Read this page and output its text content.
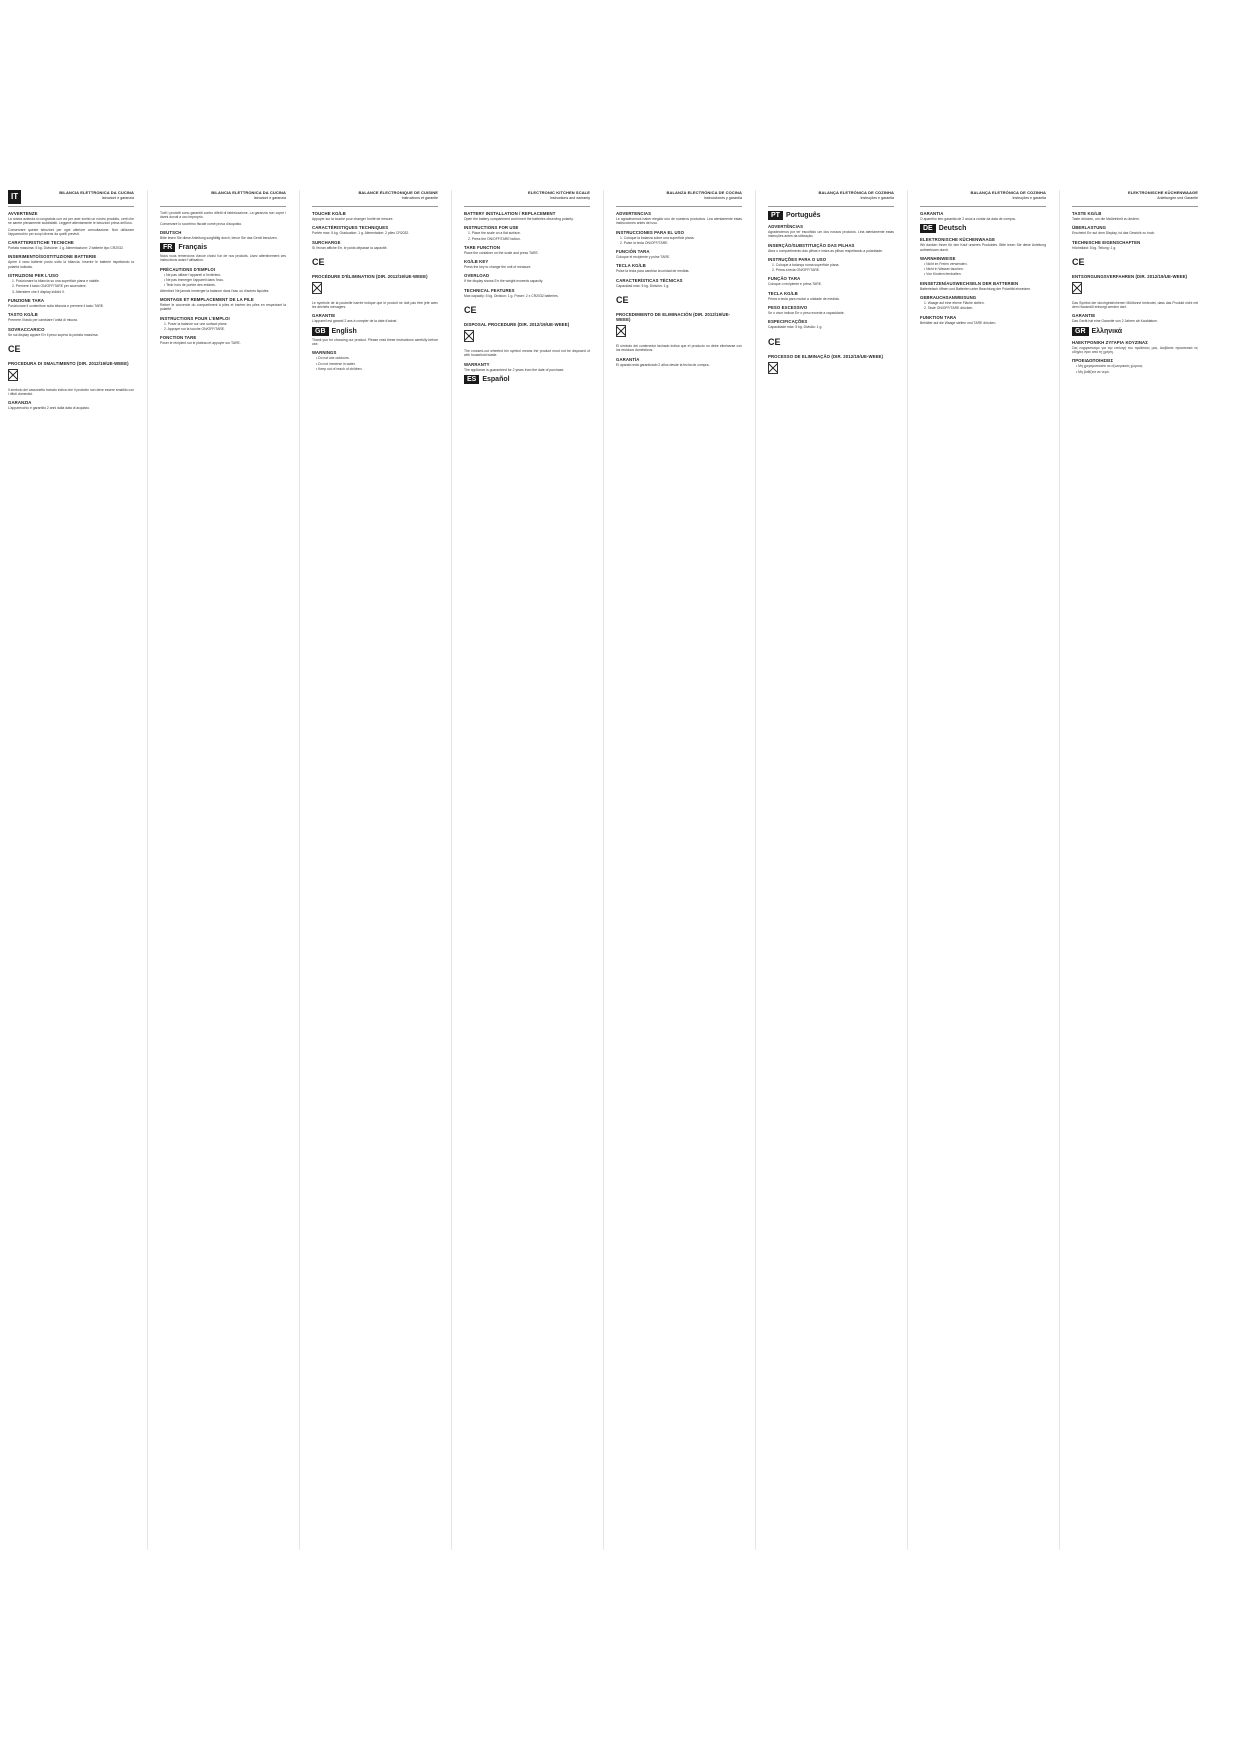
IT	BILANCIA ELETTRONICA DA CUCINA
Istruzioni e garanzia
AVVERTENZE
La nostra azienda si congratula con voi per aver scelto un nostro prodotto, certi che ne sarete pienamente soddisfatti. Leggere attentamente le istruzioni prima dell'uso.
Conservare queste istruzioni per ogni ulteriore consultazione. Non utilizzare l'apparecchio per scopi diversi da quelli previsti.
CARATTERISTICHE TECNICHE
Portata massima: 5 kg. Divisione: 1 g. Alimentazione: 2 batterie tipo CR2032.
INSERIMENTO/SOSTITUZIONE BATTERIE
Aprire il vano batterie posto sotto la bilancia. Inserire le batterie rispettando la polarità indicata.
ISTRUZIONI PER L'USO
1. Posizionare la bilancia su una superficie piana e stabile.
2. Premere il tasto ON/OFF/TARE per accendere.
3. Attendere che il display indichi 0.
FUNZIONE TARA
Posizionare il contenitore sulla bilancia e premere il tasto TARE.
TASTO KG/LB
Premere il tasto per cambiare l'unità di misura.
SOVRACCARICO
Se sul display appare Err il peso supera la portata massima.
CE
PROCEDURA DI SMALTIMENTO (DIR. 2012/19/UE-WEEE)
Il simbolo del cassonetto barrato indica che il prodotto non deve essere smaltito con i rifiuti domestici.
GARANZIA
L'apparecchio è garantito 2 anni dalla data di acquisto.
BILANCIA ELETTRONICA DA CUCINA
Istruzioni e garanzia
Tutti i prodotti sono garantiti contro difetti di fabbricazione. La garanzia non copre i danni dovuti a uso improprio.
Conservare lo scontrino fiscale come prova d'acquisto.
DEUTSCH
Bitte lesen Sie diese Anleitung sorgfältig durch, bevor Sie das Gerät benutzen.
FR Français
Nous vous remercions d'avoir choisi l'un de nos produits. Lisez attentivement ces instructions avant l'utilisation.
PRÉCAUTIONS D'EMPLOI
• Ne pas utiliser l'appareil à l'extérieur.
• Ne pas immerger l'appareil dans l'eau.
• Tenir hors de portée des enfants.
Attention! Ne jamais immerger la balance dans l'eau ou d'autres liquides.
MONTAGE ET REMPLACEMENT DE LA PILE
Retirer le couvercle du compartiment à piles et insérer les piles en respectant la polarité.
INSTRUCTIONS POUR L'EMPLOI
1. Poser la balance sur une surface plane.
2. Appuyer sur la touche ON/OFF/TARE.
FONCTION TARE
Poser le récipient sur le plateau et appuyer sur TARE.
BALANCE ÉLECTRONIQUE DE CUISINE
Instructions et garantie
TOUCHE KG/LB
Appuyer sur la touche pour changer l'unité de mesure.
CARACTÉRISTIQUES TECHNIQUES
Portée max: 5 kg. Graduation: 1 g. Alimentation: 2 piles CR2032.
SURCHARGE
Si l'écran affiche Err, le poids dépasse la capacité.
CE
PROCÉDURE D'ÉLIMINATION (DIR. 2012/19/UE-WEEE)
Le symbole de la poubelle barrée indique que le produit ne doit pas être jeté avec les déchets ménagers.
GARANTIE
L'appareil est garanti 2 ans à compter de la date d'achat.
GB English
Thank you for choosing our product. Please read these instructions carefully before use.
WARNINGS
• Do not use outdoors.
• Do not immerse in water.
• Keep out of reach of children.
ELECTRONIC KITCHEN SCALE
Instructions and warranty
BATTERY INSTALLATION / REPLACEMENT
Open the battery compartment and insert the batteries observing polarity.
INSTRUCTIONS FOR USE
1. Place the scale on a flat surface.
2. Press the ON/OFF/TARE button.
TARE FUNCTION
Place the container on the scale and press TARE.
KG/LB KEY
Press the key to change the unit of measure.
OVERLOAD
If the display shows Err the weight exceeds capacity.
TECHNICAL FEATURES
Max capacity: 5 kg. Division: 1 g. Power: 2 x CR2032 batteries.
CE
DISPOSAL PROCEDURE (DIR. 2012/19/UE-WEEE)
The crossed-out wheeled bin symbol means the product must not be disposed of with household waste.
WARRANTY
The appliance is guaranteed for 2 years from the date of purchase.
ES Español
BALANZA ELECTRÓNICA DE COCINA
Instrucciones y garantía
ADVERTENCIAS
Le agradecemos haber elegido uno de nuestros productos. Lea atentamente estas instrucciones antes del uso.
INSTRUCCIONES PARA EL USO
1. Coloque la balanza sobre una superficie plana.
2. Pulse la tecla ON/OFF/TARE.
FUNCIÓN TARA
Coloque el recipiente y pulse TARE.
TECLA KG/LB
Pulse la tecla para cambiar la unidad de medida.
CARACTERÍSTICAS TÉCNICAS
Capacidad máx: 5 kg. División: 1 g.
CE
PROCEDIMIENTO DE ELIMINACIÓN (DIR. 2012/19/UE-WEEE)
El símbolo del contenedor tachado indica que el producto no debe eliminarse con los residuos domésticos.
GARANTÍA
El aparato está garantizado 2 años desde la fecha de compra.
BALANÇA ELETRÓNICA DE COZINHA
Instruções e garantia
PT Português
ADVERTÊNCIAS
Agradecemos por ter escolhido um dos nossos produtos. Leia atentamente estas instruções antes da utilização.
INSERÇÃO/SUBSTITUIÇÃO DAS PILHAS
Abra o compartimento das pilhas e insira as pilhas respeitando a polaridade.
INSTRUÇÕES PARA O USO
1. Coloque a balança numa superfície plana.
2. Prima a tecla ON/OFF/TARE.
FUNÇÃO TARA
Coloque o recipiente e prima TARE.
TECLA KG/LB
Prima a tecla para mudar a unidade de medida.
PESO EXCESSIVO
Se o visor indicar Err o peso excede a capacidade.
ESPECIFICAÇÕES
Capacidade máx: 5 kg. Divisão: 1 g.
CE
PROCESSO DE ELIMINAÇÃO (DIR. 2012/19/UE-WEEE)
BALANÇA ELETRÓNICA DE COZINHA
Instruções e garantia
GARANTIA
O aparelho tem garantia de 2 anos a contar da data de compra.
DE Deutsch
ELEKTRONISCHE KÜCHENWAAGE
Wir danken Ihnen für den Kauf unseres Produktes. Bitte lesen Sie diese Anleitung aufmerksam durch.
WARNHINWEISE
• Nicht im Freien verwenden.
• Nicht in Wasser tauchen.
• Von Kindern fernhalten.
EINSETZEN/AUSWECHSELN DER BATTERIEN
Batteriefach öffnen und Batterien unter Beachtung der Polarität einsetzen.
GEBRAUCHSANWEISUNG
1. Waage auf eine ebene Fläche stellen.
2. Taste ON/OFF/TARE drücken.
FUNKTION TARA
Behälter auf die Waage stellen und TARE drücken.
ELEKTRONISCHE KÜCHENWAAGE
Anleitungen und Garantie
TASTE KG/LB
Taste drücken, um die Maßeinheit zu ändern.
ÜBERLASTUNG
Erscheint Err auf dem Display, ist das Gewicht zu hoch.
TECHNISCHE EIGENSCHAFTEN
Höchstlast: 5 kg. Teilung: 1 g.
CE
ENTSORGUNGSVERFAHREN (DIR. 2012/19/UE-WEEE)
Das Symbol der durchgestrichenen Mülltonne bedeutet, dass das Produkt nicht mit dem Hausmüll entsorgt werden darf.
GARANTIE
Das Gerät hat eine Garantie von 2 Jahren ab Kaufdatum.
GR Ελληνικά
ΗΛΕΚΤΡΟΝΙΚΗ ΖΥΓΑΡΙΑ ΚΟΥΖΙΝΑΣ
Σας ευχαριστούμε για την επιλογή του προϊόντος μας. Διαβάστε προσεκτικά τις οδηγίες πριν από τη χρήση.
ΠΡΟΕΙΔΟΠΟΙΗΣΕΙΣ
• Μη χρησιμοποιείτε σε εξωτερικούς χώρους.
• Μη βυθίζετε σε νερό.
